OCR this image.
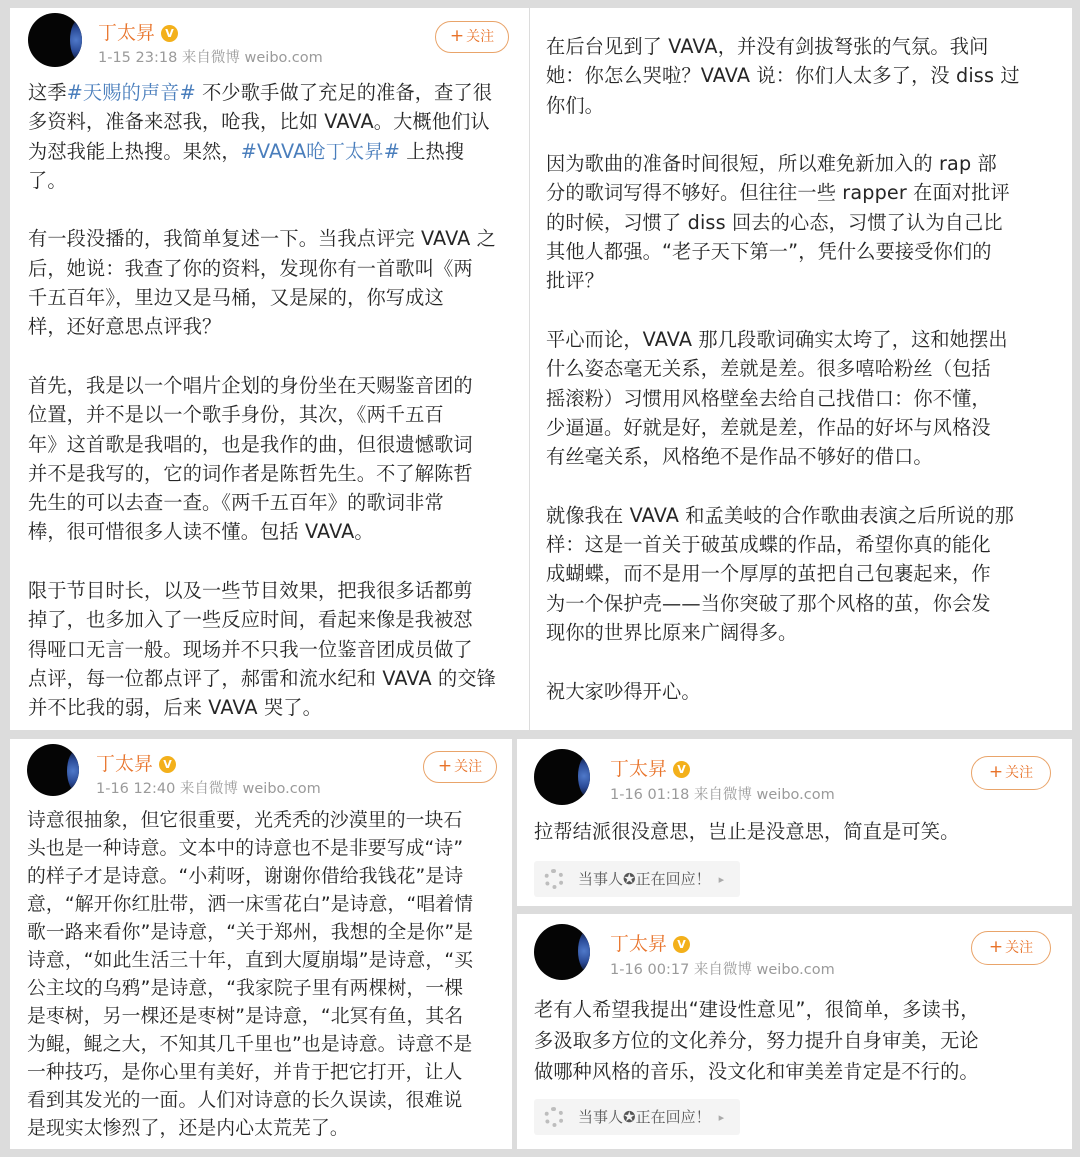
丁太昇 V
1-15 23:18 来自微博 weibo.com
+ 关注

这季#天赐的声音# 不少歌手做了充足的准备，查了很
多资料，准备来怼我，呛我，比如 VAVA。大概他们认
为怼我能上热搜。果然，#VAVA呛丁太昇# 上热搜
了。

有一段没播的，我简单复述一下。当我点评完 VAVA 之
后，她说：我查了你的资料，发现你有一首歌叫《两
千五百年》，里边又是马桶，又是屎的，你写成这
样，还好意思点评我？

首先，我是以一个唱片企划的身份坐在天赐鉴音团的
位置，并不是以一个歌手身份，其次，《两千五百
年》这首歌是我唱的，也是我作的曲，但很遗憾歌词
并不是我写的，它的词作者是陈哲先生。不了解陈哲
先生的可以去查一查。《两千五百年》的歌词非常
棒，很可惜很多人读不懂。包括 VAVA。

限于节目时长，以及一些节目效果，把我很多话都剪
掉了，也多加入了一些反应时间，看起来像是我被怼
得哑口无言一般。现场并不只我一位鉴音团成员做了
点评，每一位都点评了，郝雷和流水纪和 VAVA 的交锋
并不比我的弱，后来 VAVA 哭了。

在后台见到了 VAVA，并没有剑拔弩张的气氛。我问
她：你怎么哭啦？VAVA 说：你们人太多了，没 diss 过
你们。

因为歌曲的准备时间很短，所以难免新加入的 rap 部
分的歌词写得不够好。但往往一些 rapper 在面对批评
的时候，习惯了 diss 回去的心态，习惯了认为自己比
其他人都强。“老子天下第一”，凭什么要接受你们的
批评？

平心而论，VAVA 那几段歌词确实太垮了，这和她摆出
什么姿态毫无关系，差就是差。很多嘻哈粉丝（包括
摇滚粉）习惯用风格壁垒去给自己找借口：你不懂，
少逼逼。好就是好，差就是差，作品的好坏与风格没
有丝毫关系，风格绝不是作品不够好的借口。

就像我在 VAVA 和孟美岐的合作歌曲表演之后所说的那
样：这是一首关于破茧成蝶的作品，希望你真的能化
成蝴蝶，而不是用一个厚厚的茧把自己包裹起来，作
为一个保护壳——当你突破了那个风格的茧，你会发
现你的世界比原来广阔得多。

祝大家吵得开心。

丁太昇 V
1-16 12:40 来自微博 weibo.com
+ 关注

诗意很抽象，但它很重要，光秃秃的沙漠里的一块石
头也是一种诗意。文本中的诗意也不是非要写成“诗”
的样子才是诗意。“小莉呀，谢谢你借给我钱花”是诗
意，“解开你红肚带，洒一床雪花白”是诗意，“唱着情
歌一路来看你”是诗意，“关于郑州，我想的全是你”是
诗意，“如此生活三十年，直到大厦崩塌”是诗意，“买
公主坟的乌鸦”是诗意，“我家院子里有两棵树，一棵
是枣树，另一棵还是枣树”是诗意，“北冥有鱼，其名
为鲲，鲲之大，不知其几千里也”也是诗意。诗意不是
一种技巧，是你心里有美好，并肯于把它打开，让人
看到其发光的一面。人们对诗意的长久误读，很难说
是现实太惨烈了，还是内心太荒芜了。

丁太昇 V
1-16 01:18 来自微博 weibo.com
+ 关注

拉帮结派很没意思，岂止是没意思，简直是可笑。

当事人✪正在回应！ ▸
丁太昇 V
1-16 00:17 来自微博 weibo.com
+ 关注

老有人希望我提出“建设性意见”，很简单，多读书，
多汲取多方位的文化养分，努力提升自身审美，无论
做哪种风格的音乐，没文化和审美差肯定是不行的。

当事人✪正在回应！ ▸
